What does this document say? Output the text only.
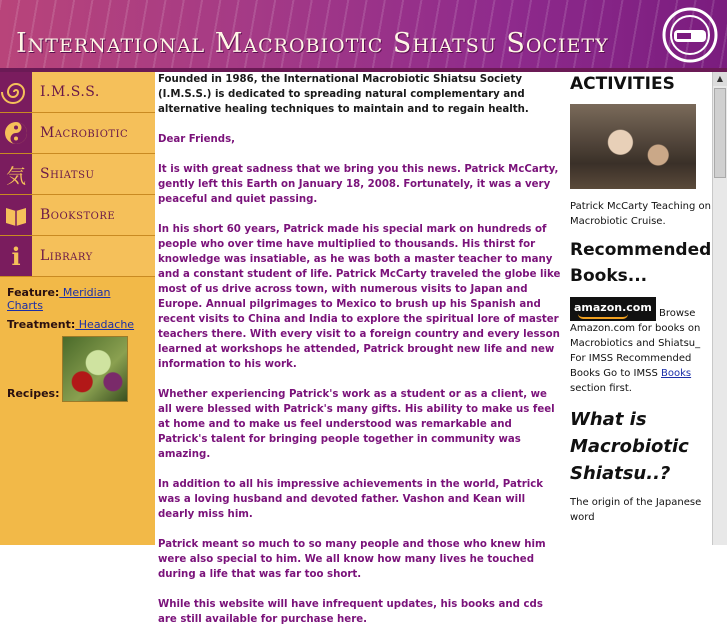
International Macrobiotic Shiatsu Society
I.M.S.S.
Macrobiotic
気 Shiatsu
Bookstore
i Library
Feature: Meridian Charts
Treatment: Headache
Recipes:

Founded in 1986, the International Macrobiotic Shiatsu Society (I.M.S.S.) is dedicated to spreading natural complementary and alternative healing techniques to maintain and to regain health.

Dear Friends,

It is with great sadness that we bring you this news. Patrick McCarty, gently left this Earth on January 18, 2008. Fortunately, it was a very peaceful and quiet passing.

In his short 60 years, Patrick made his special mark on hundreds of people who over time have multiplied to thousands. His thirst for knowledge was insatiable, as he was both a master teacher to many and a constant student of life. Patrick McCarty traveled the globe like most of us drive across town, with numerous visits to Japan and Europe. Annual pilgrimages to Mexico to brush up his Spanish and recent visits to China and India to explore the spiritual lore of master teachers there. With every visit to a foreign country and every lesson learned at workshops he attended, Patrick brought new life and new information to his work.

Whether experiencing Patrick's work as a student or as a client, we all were blessed with Patrick's many gifts. His ability to make us feel at home and to make us feel understood was remarkable and Patrick's talent for bringing people together in community was amazing.

In addition to all his impressive achievements in the world, Patrick was a loving husband and devoted father. Vashon and Kean will dearly miss him.

Patrick meant so much to so many people and those who knew him were also special to him. We all know how many lives he touched during a life that was far too short.

While this website will have infrequent updates, his books and cds are still available for purchase here.

ACTIVITIES
Patrick McCarty Teaching on Macrobiotic Cruise.
Recommended Books...
amazon.com
Browse Amazon.com for books on Macrobiotics and Shiatsu_
For IMSS Recommended Books Go to IMSS Books section first.
What is Macrobiotic Shiatsu..?
The origin of the Japanese word
▲
